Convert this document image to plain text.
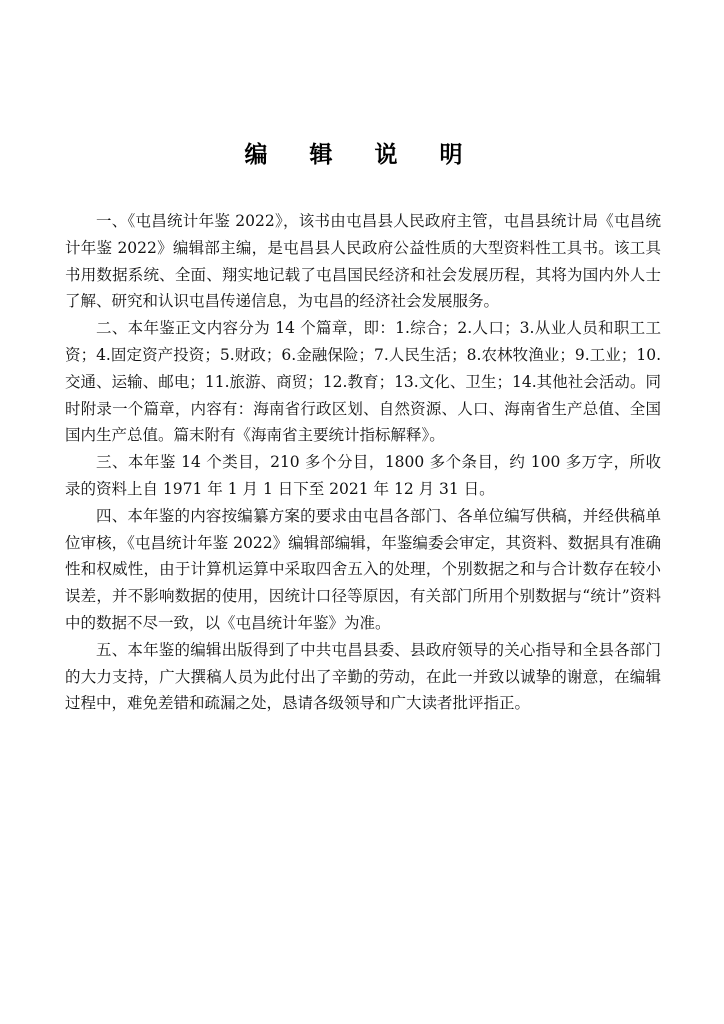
编 辑 说 明

一、《屯昌统计年鉴 2022》，该书由屯昌县人民政府主管，屯昌县统计局《屯昌统计年鉴 2022》编辑部主编，是屯昌县人民政府公益性质的大型资料性工具书。该工具书用数据系统、全面、翔实地记载了屯昌国民经济和社会发展历程，其将为国内外人士了解、研究和认识屯昌传递信息，为屯昌的经济社会发展服务。

二、本年鉴正文内容分为 14 个篇章，即：1.综合；2.人口；3.从业人员和职工工资；4.固定资产投资；5.财政；6.金融保险；7.人民生活；8.农林牧渔业；9.工业；10.交通、运输、邮电；11.旅游、商贸；12.教育；13.文化、卫生；14.其他社会活动。同时附录一个篇章，内容有：海南省行政区划、自然资源、人口、海南省生产总值、全国国内生产总值。篇末附有《海南省主要统计指标解释》。

三、本年鉴 14 个类目，210 多个分目，1800 多个条目，约 100 多万字，所收录的资料上自 1971 年 1 月 1 日下至 2021 年 12 月 31 日。

四、本年鉴的内容按编纂方案的要求由屯昌各部门、各单位编写供稿，并经供稿单位审核，《屯昌统计年鉴 2022》编辑部编辑，年鉴编委会审定，其资料、数据具有准确性和权威性，由于计算机运算中采取四舍五入的处理，个别数据之和与合计数存在较小误差，并不影响数据的使用，因统计口径等原因，有关部门所用个别数据与“统计”资料中的数据不尽一致，以《屯昌统计年鉴》为准。

五、本年鉴的编辑出版得到了中共屯昌县委、县政府领导的关心指导和全县各部门的大力支持，广大撰稿人员为此付出了辛勤的劳动，在此一并致以诚挚的谢意，在编辑过程中，难免差错和疏漏之处，恳请各级领导和广大读者批评指正。
